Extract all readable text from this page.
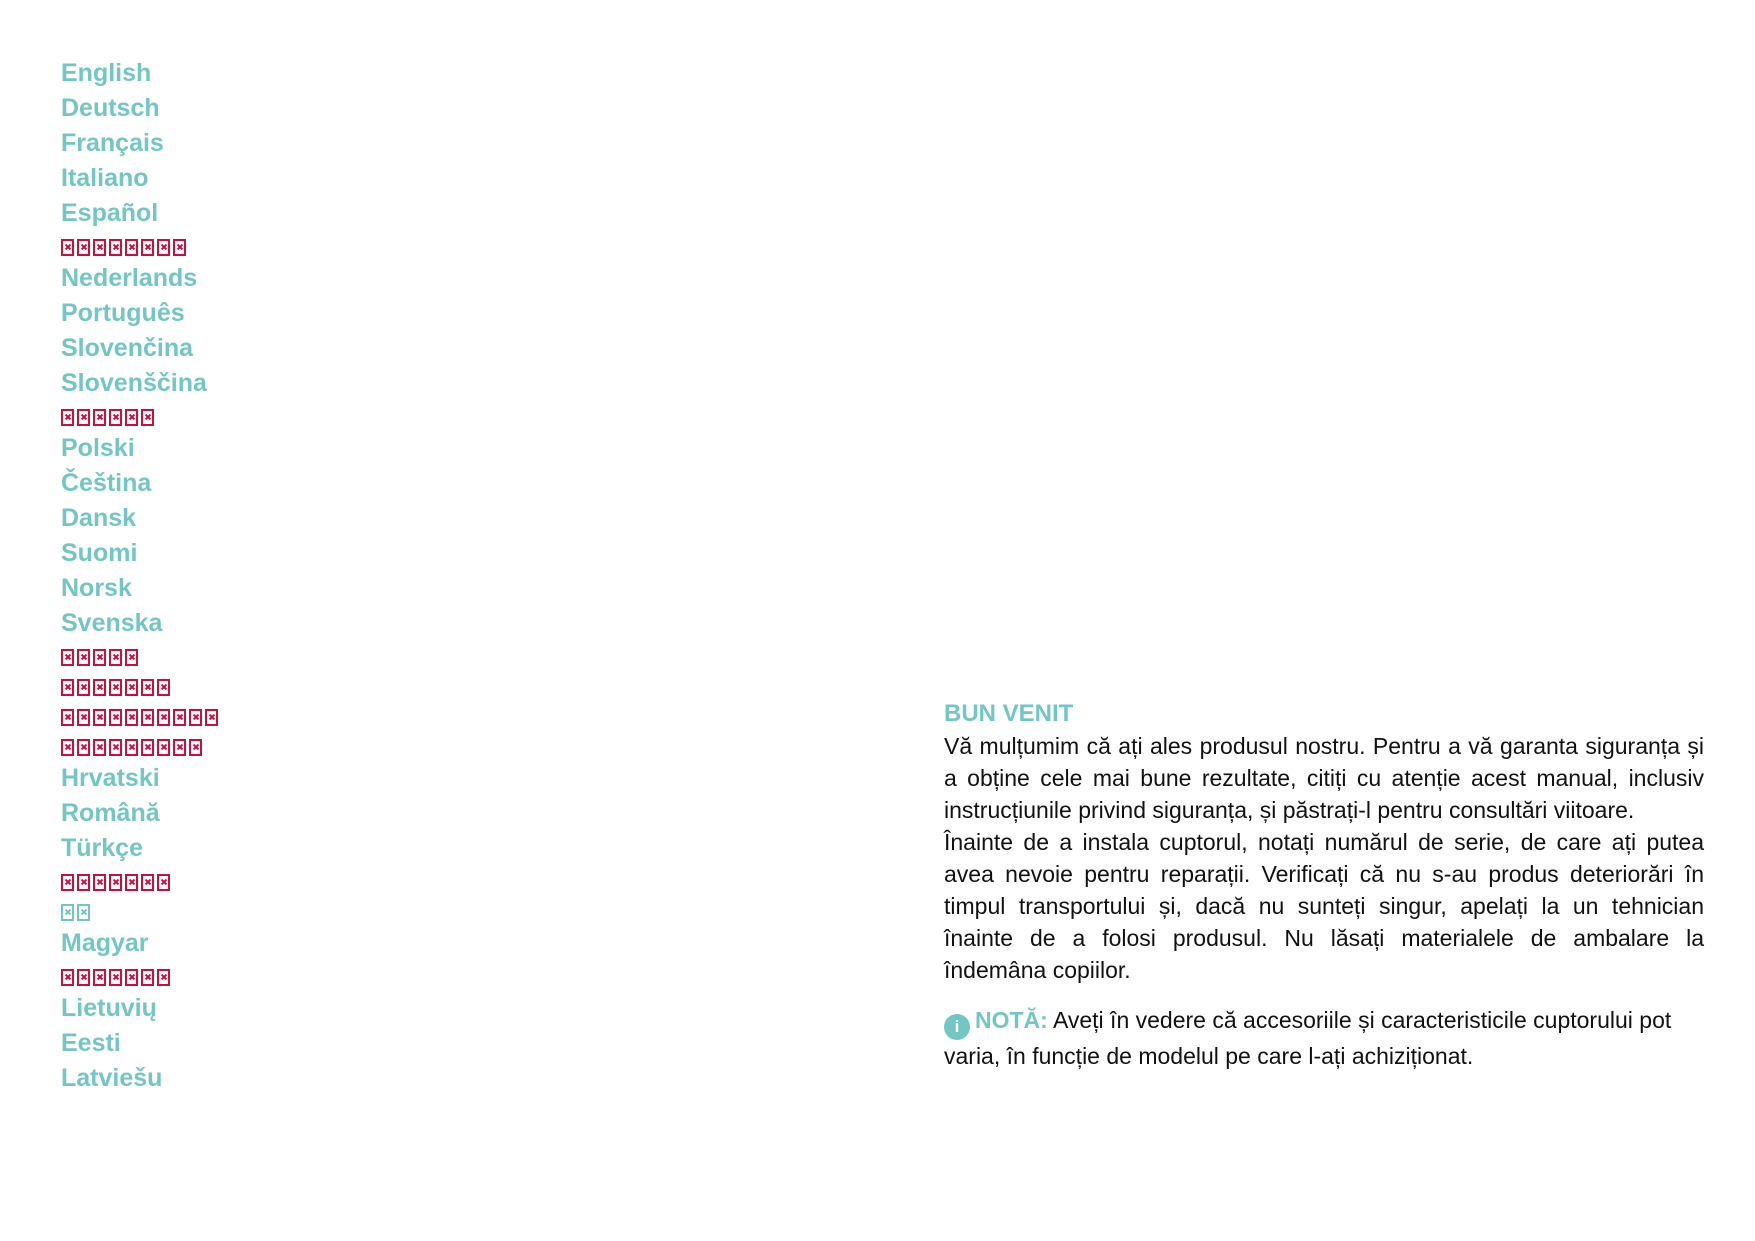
English
Deutsch
Français
Italiano
Español
Nederlands
Português
Slovenčina
Slovenščina
Polski
Čeština
Dansk
Suomi
Norsk
Svenska
Hrvatski
Română
Türkçe
Magyar
Lietuvių
Eesti
Latviešu

BUN VENIT

Vă mulțumim că ați ales produsul nostru. Pentru a vă garanta siguranța și a obține cele mai bune rezultate, citiți cu atenție acest manual, inclusiv instrucțiunile privind siguranța, și păstrați-l pentru consultări viitoare.

Înainte de a instala cuptorul, notați numărul de serie, de care ați putea avea nevoie pentru reparații. Verificați că nu s-au produs deteriorări în timpul transportului și, dacă nu sunteți singur, apelați la un tehnician înainte de a folosi produsul. Nu lăsați materialele de ambalare la îndemâna copiilor.

i NOTĂ: Aveți în vedere că accesoriile și caracteristicile cuptorului pot varia, în funcție de modelul pe care l-ați achiziționat.
